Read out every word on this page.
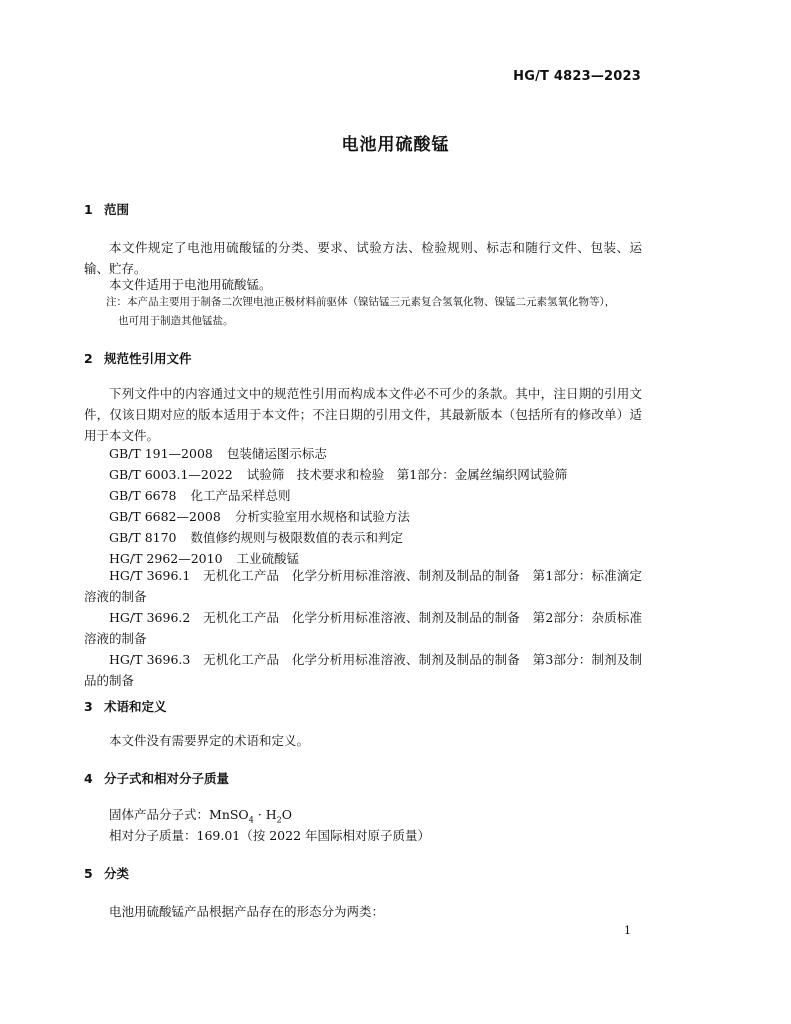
HG/T 4823—2023
电池用硫酸锰
1 范围
本文件规定了电池用硫酸锰的分类、要求、试验方法、检验规则、标志和随行文件、包装、运输、贮存。
本文件适用于电池用硫酸锰。
注：本产品主要用于制备二次锂电池正极材料前驱体（镍钴锰三元素复合氢氧化物、镍锰二元素氢氧化物等），
也可用于制造其他锰盐。
2 规范性引用文件
下列文件中的内容通过文中的规范性引用而构成本文件必不可少的条款。其中，注日期的引用文件，仅该日期对应的版本适用于本文件；不注日期的引用文件，其最新版本（包括所有的修改单）适用于本文件。
GB/T 191—2008 包装储运图示标志
GB/T 6003.1—2022 试验筛　技术要求和检验　第1部分：金属丝编织网试验筛
GB/T 6678 化工产品采样总则
GB/T 6682—2008 分析实验室用水规格和试验方法
GB/T 8170 数值修约规则与极限数值的表示和判定
HG/T 2962—2010 工业硫酸锰
HG/T 3696.1　无机化工产品　化学分析用标准溶液、制剂及制品的制备　第1部分：标准滴定溶液的制备
HG/T 3696.2　无机化工产品　化学分析用标准溶液、制剂及制品的制备　第2部分：杂质标准溶液的制备
HG/T 3696.3　无机化工产品　化学分析用标准溶液、制剂及制品的制备　第3部分：制剂及制品的制备
3 术语和定义
本文件没有需要界定的术语和定义。
4 分子式和相对分子质量
固体产品分子式：MnSO$_4$ · $H_2O$
相对分子质量：169.01（按 2022 年国际相对原子质量）
5 分类
电池用硫酸锰产品根据产品存在的形态分为两类：
1
